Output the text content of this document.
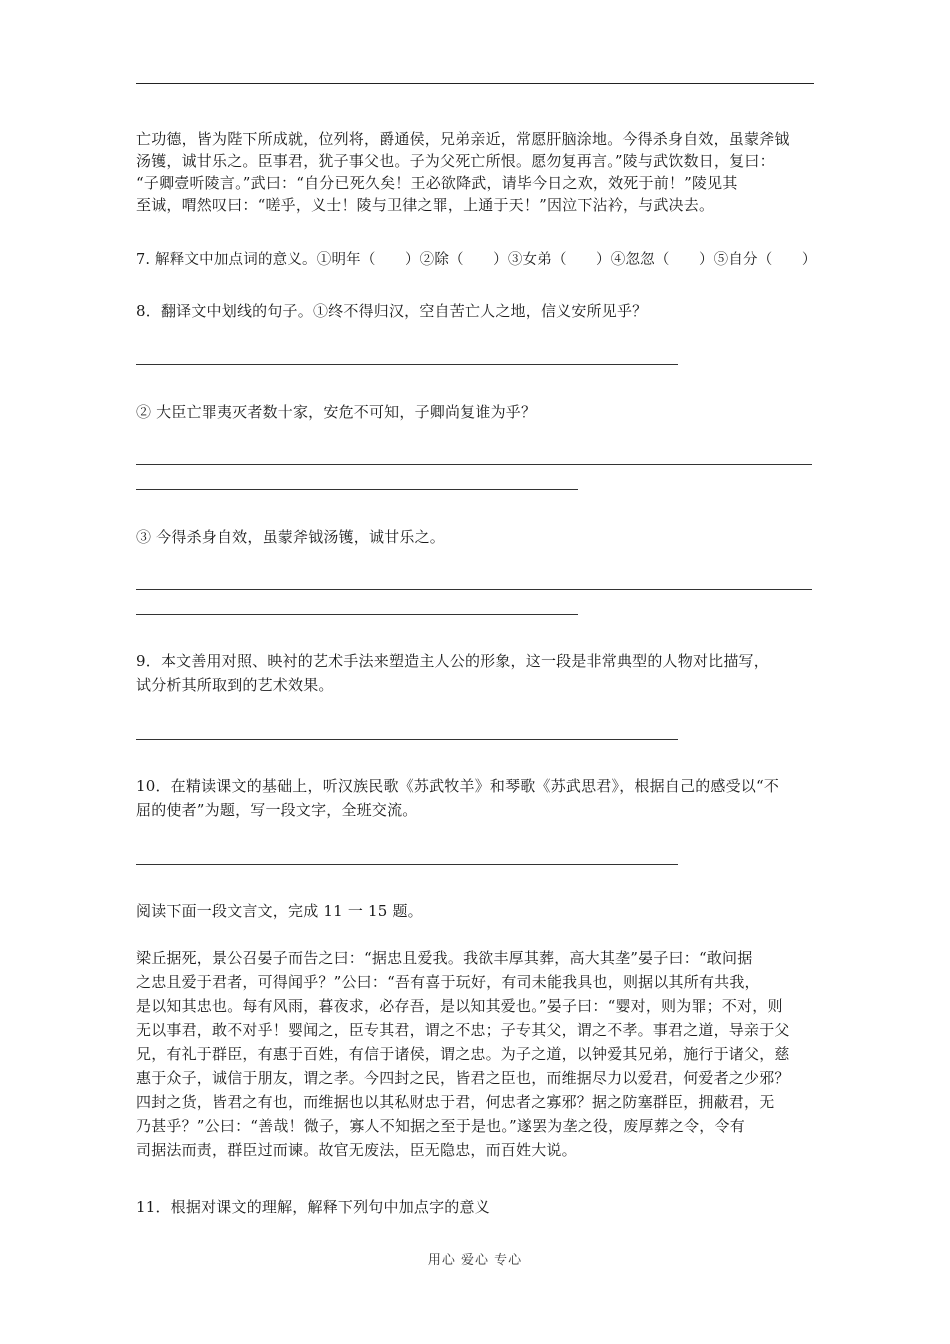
亡功德，皆为陛下所成就，位列将，爵通侯，兄弟亲近，常愿肝脑涂地。今得杀身自效，虽蒙斧钺

汤镬，诚甘乐之。臣事君，犹子事父也。子为父死亡所恨。愿勿复再言。”陵与武饮数日，复曰：

“子卿壹听陵言。”武曰：“自分已死久矣！王必欲降武，请毕今日之欢，效死于前！”陵见其

至诚，喟然叹曰：“嗟乎，义士！陵与卫律之罪，上通于天！”因泣下沾衿，与武决去。

7. 解释文中加点词的意义。①明年（　　）②除（　　）③女弟（　　）④忽忽（　　）⑤自分（　　）

8．翻译文中划线的句子。①终不得归汉，空自苦亡人之地，信义安所见乎？

② 大臣亡罪夷灭者数十家，安危不可知，子卿尚复谁为乎？

③ 今得杀身自效，虽蒙斧钺汤镬，诚甘乐之。

9．本文善用对照、映衬的艺术手法来塑造主人公的形象，这一段是非常典型的人物对比描写，

试分析其所取到的艺术效果。

10．在精读课文的基础上，听汉族民歌《苏武牧羊》和琴歌《苏武思君》，根据自己的感受以“不

屈的使者”为题，写一段文字，全班交流。

阅读下面一段文言文，完成 11 一 15 题。

梁丘据死，景公召晏子而告之曰：“据忠且爱我。我欲丰厚其葬，高大其垄”晏子曰：“敢问据

之忠且爱于君者，可得闻乎？”公曰：“吾有喜于玩好，有司未能我具也，则据以其所有共我，

是以知其忠也。每有风雨，暮夜求，必存吾，是以知其爱也。”晏子曰：“婴对，则为罪；不对，则

无以事君，敢不对乎！婴闻之，臣专其君，谓之不忠；子专其父，谓之不孝。事君之道，导亲于父

兄，有礼于群臣，有惠于百姓，有信于诸侯，谓之忠。为子之道，以钟爱其兄弟，施行于诸父，慈

惠于众子，诚信于朋友，谓之孝。今四封之民，皆君之臣也，而维据尽力以爱君，何爱者之少邪？

四封之货，皆君之有也，而维据也以其私财忠于君，何忠者之寡邪？据之防塞群臣，拥蔽君，无

乃甚乎？”公曰：“善哉！微子，寡人不知据之至于是也。”遂罢为垄之役，废厚葬之令，令有

司据法而责，群臣过而谏。故官无废法，臣无隐忠，而百姓大说。

11．根据对课文的理解，解释下列句中加点字的意义

用心 爱心 专心
